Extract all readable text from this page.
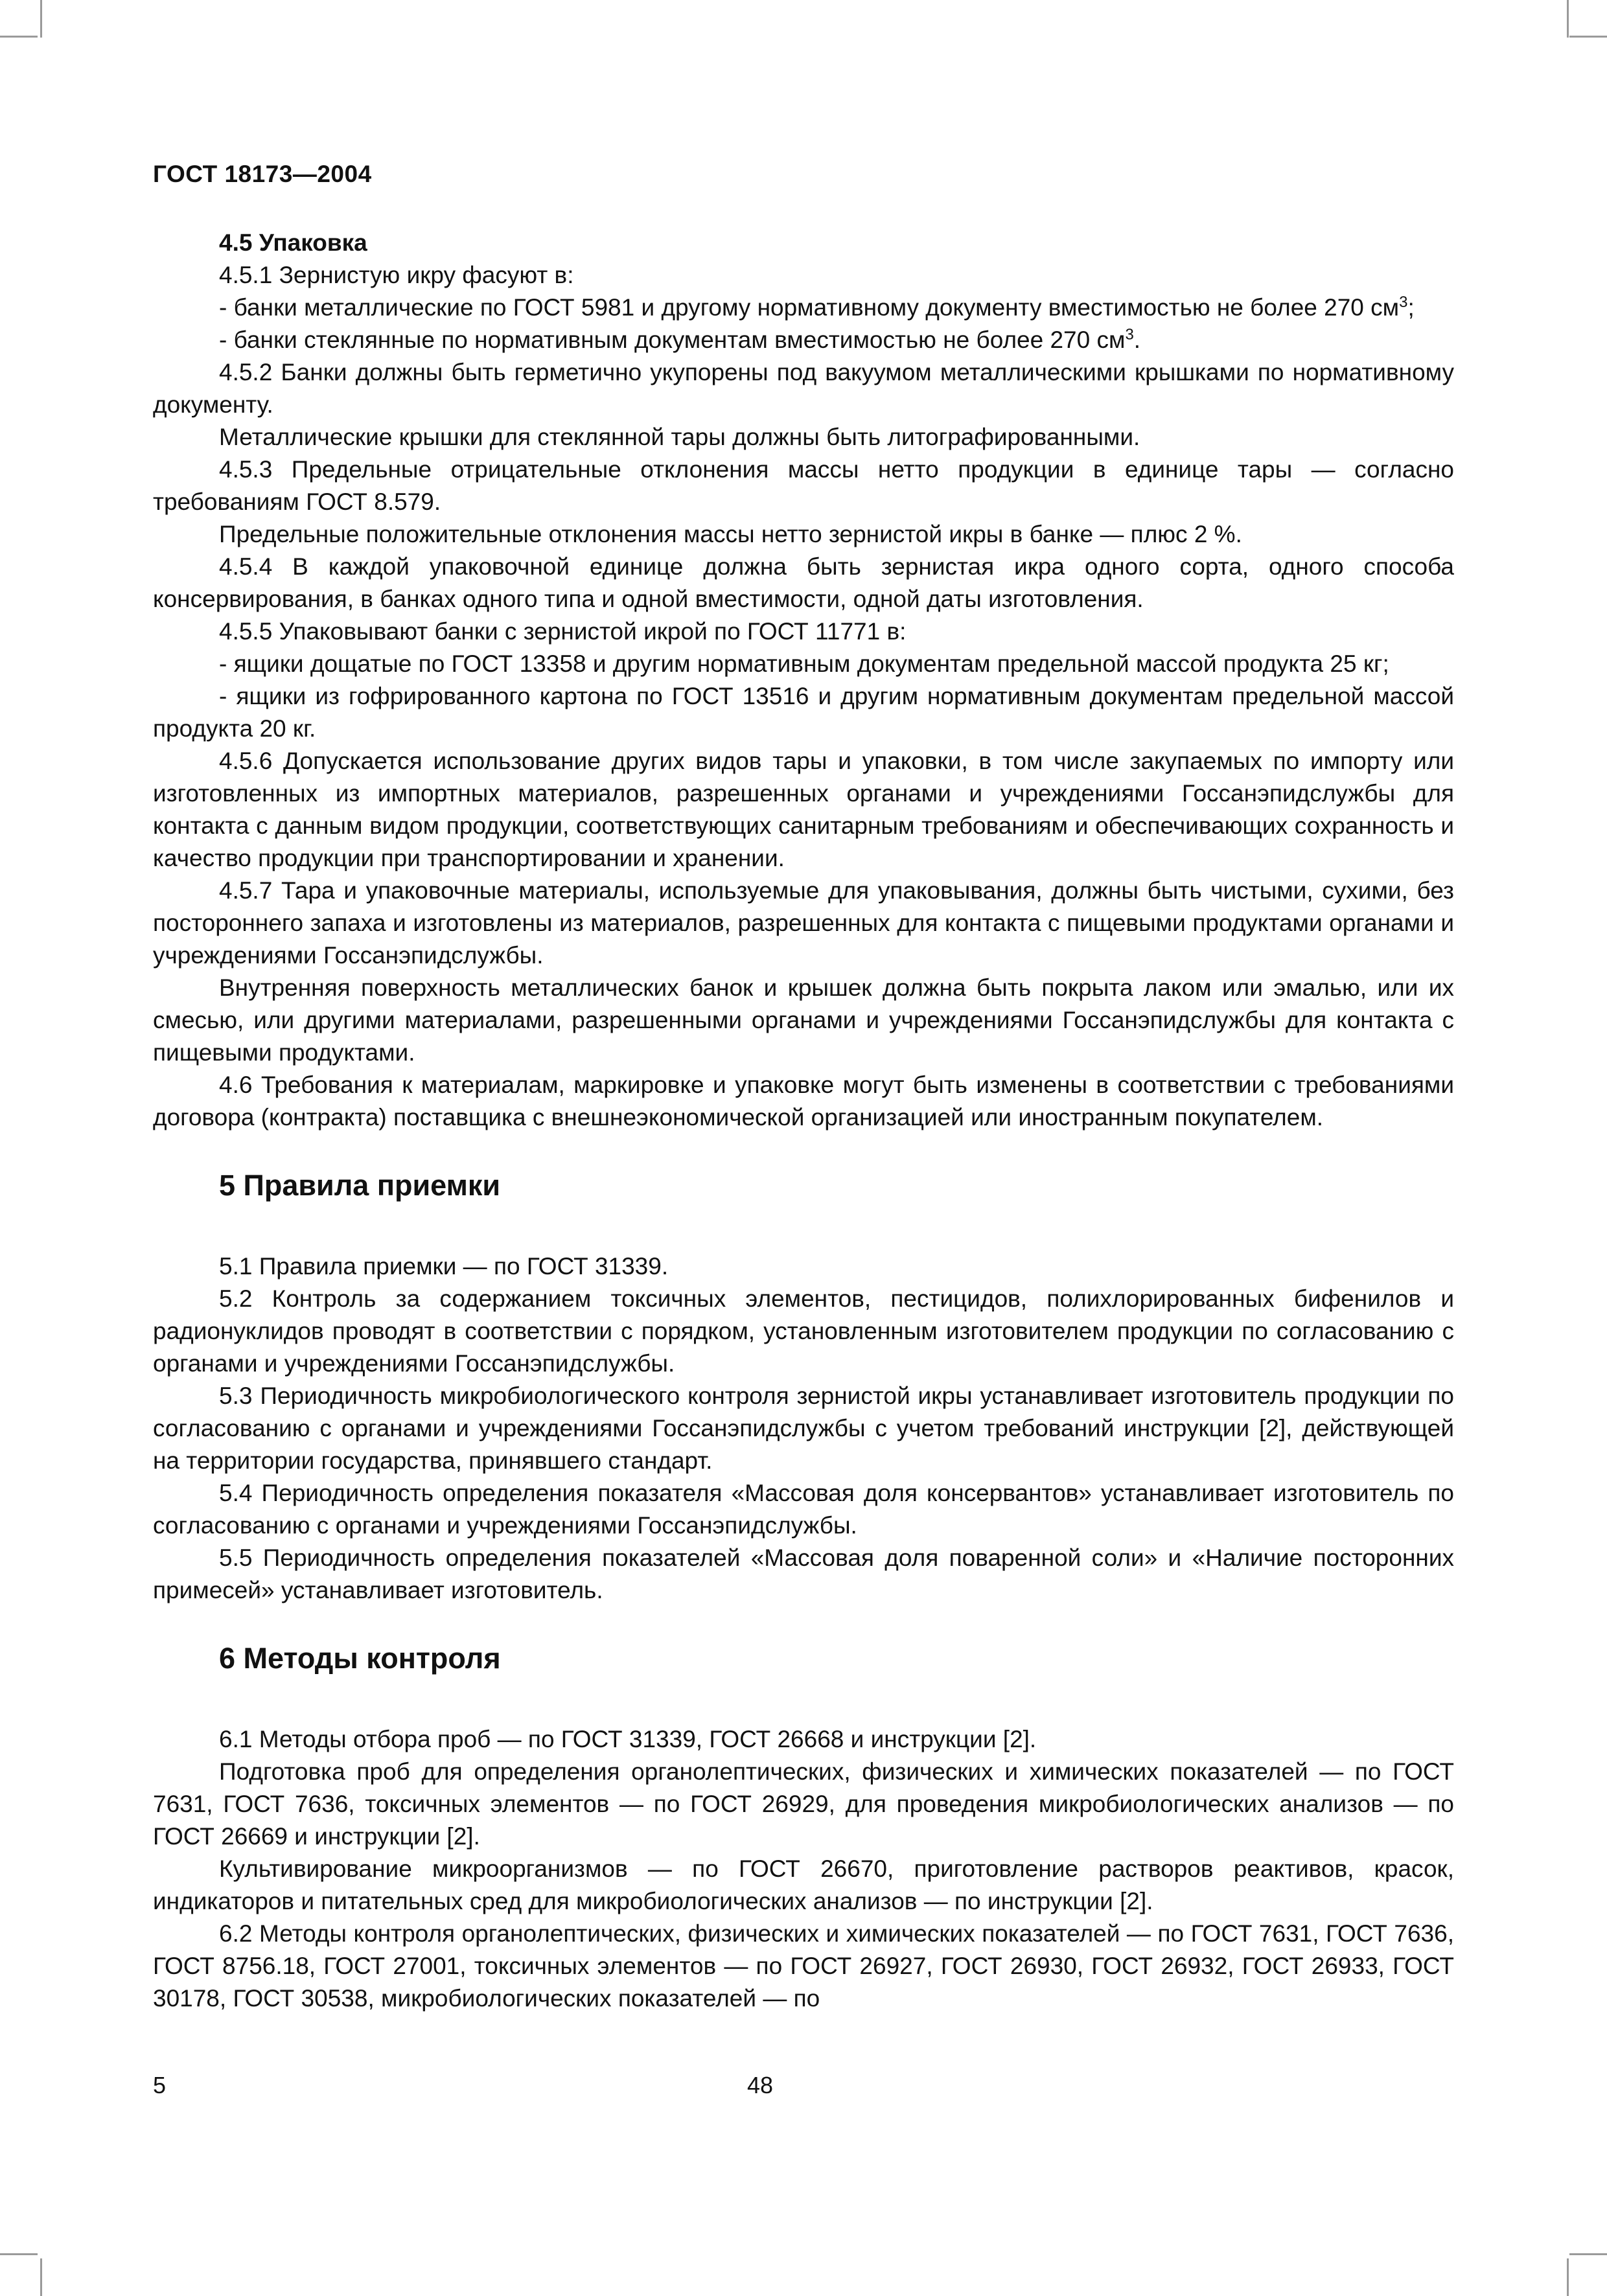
ГОСТ 18173—2004

4.5 Упаковка

4.5.1 Зернистую икру фасуют в:

- банки металлические по ГОСТ 5981 и другому нормативному документу вместимостью не более 270 $см^3$;

- банки стеклянные по нормативным документам вместимостью не более 270 $см^3$.

4.5.2 Банки должны быть герметично укупорены под вакуумом металлическими крышками по нормативному документу.

Металлические крышки для стеклянной тары должны быть литографированными.

4.5.3 Предельные отрицательные отклонения массы нетто продукции в единице тары — согласно требованиям ГОСТ 8.579.

Предельные положительные отклонения массы нетто зернистой икры в банке — плюс 2 %.

4.5.4 В каждой упаковочной единице должна быть зернистая икра одного сорта, одного способа консервирования, в банках одного типа и одной вместимости, одной даты изготовления.

4.5.5 Упаковывают банки с зернистой икрой по ГОСТ 11771 в:

- ящики дощатые по ГОСТ 13358 и другим нормативным документам предельной массой продукта 25 кг;

- ящики из гофрированного картона по ГОСТ 13516 и другим нормативным документам предельной массой продукта 20 кг.

4.5.6 Допускается использование других видов тары и упаковки, в том числе закупаемых по импорту или изготовленных из импортных материалов, разрешенных органами и учреждениями Госсанэпидслужбы для контакта с данным видом продукции, соответствующих санитарным требованиям и обеспечивающих сохранность и качество продукции при транспортировании и хранении.

4.5.7 Тара и упаковочные материалы, используемые для упаковывания, должны быть чистыми, сухими, без постороннего запаха и изготовлены из материалов, разрешенных для контакта с пищевыми продуктами органами и учреждениями Госсанэпидслужбы.

Внутренняя поверхность металлических банок и крышек должна быть покрыта лаком или эмалью, или их смесью, или другими материалами, разрешенными органами и учреждениями Госсанэпидслужбы для контакта с пищевыми продуктами.

4.6 Требования к материалам, маркировке и упаковке могут быть изменены в соответствии с требованиями договора (контракта) поставщика с внешнеэкономической организацией или иностранным покупателем.

5 Правила приемки

5.1 Правила приемки — по ГОСТ 31339.

5.2 Контроль за содержанием токсичных элементов, пестицидов, полихлорированных бифенилов и радионуклидов проводят в соответствии с порядком, установленным изготовителем продукции по согласованию с органами и учреждениями Госсанэпидслужбы.

5.3 Периодичность микробиологического контроля зернистой икры устанавливает изготовитель продукции по согласованию с органами и учреждениями Госсанэпидслужбы с учетом требований инструкции [2], действующей на территории государства, принявшего стандарт.

5.4 Периодичность определения показателя «Массовая доля консервантов» устанавливает изготовитель по согласованию с органами и учреждениями Госсанэпидслужбы.

5.5 Периодичность определения показателей «Массовая доля поваренной соли» и «Наличие посторонних примесей» устанавливает изготовитель.

6 Методы контроля

6.1 Методы отбора проб — по ГОСТ 31339, ГОСТ 26668 и инструкции [2].

Подготовка проб для определения органолептических, физических и химических показателей — по ГОСТ 7631, ГОСТ 7636, токсичных элементов — по ГОСТ 26929, для проведения микробиологических анализов — по ГОСТ 26669 и инструкции [2].

Культивирование микроорганизмов — по ГОСТ 26670, приготовление растворов реактивов, красок, индикаторов и питательных сред для микробиологических анализов — по инструкции [2].

6.2 Методы контроля органолептических, физических и химических показателей — по ГОСТ 7631, ГОСТ 7636, ГОСТ 8756.18, ГОСТ 27001, токсичных элементов — по ГОСТ 26927, ГОСТ 26930, ГОСТ 26932, ГОСТ 26933, ГОСТ 30178, ГОСТ 30538, микробиологических показателей — по

5	48
